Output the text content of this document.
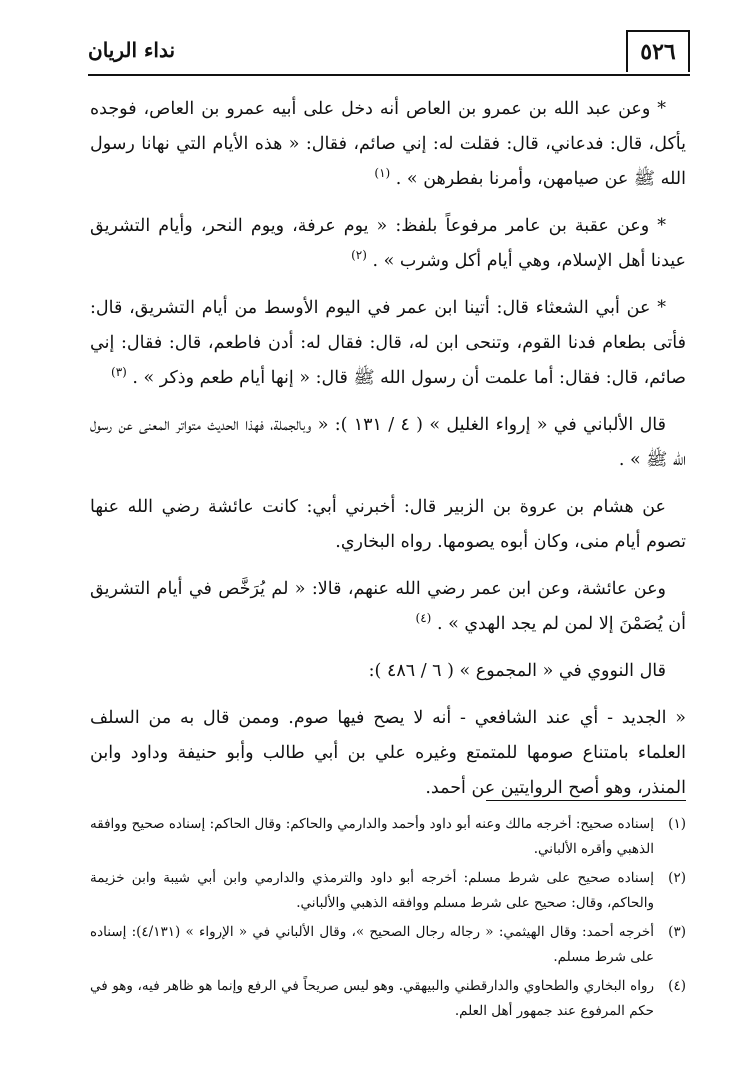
٥٢٦
نداء الريان

* وعن عبد الله بن عمرو بن العاص أنه دخل على أبيه عمرو بن العاص، فوجده يأكل، قال: فدعاني، قال: فقلت له: إني صائم، فقال: « هذه الأيام التي نهانا رسول الله ﷺ عن صيامهن، وأمرنا بفطرهن » . $^{(١)}$

* وعن عقبة بن عامر مرفوعاً بلفظ: « يوم عرفة، ويوم النحر، وأيام التشريق عيدنا أهل الإسلام، وهي أيام أكل وشرب » . $^{(٢)}$

* عن أبي الشعثاء قال: أتينا ابن عمر في اليوم الأوسط من أيام التشريق، قال: فأتى بطعام فدنا القوم، وتنحى ابن له، قال: فقال له: أدن فاطعم، قال: فقال: إني صائم، قال: فقال: أما علمت أن رسول الله ﷺ قال: « إنها أيام طعم وذكر » . $^{(٣)}$

قال الألباني في « إرواء الغليل » ( ٤ / ١٣١ ): « وبالجملة، فهذا الحديث متواتر المعنى عن رسول الله ﷺ » .

عن هشام بن عروة بن الزبير قال: أخبرني أبي: كانت عائشة رضي الله عنها تصوم أيام منى، وكان أبوه يصومها. رواه البخاري.

وعن عائشة، وعن ابن عمر رضي الله عنهم، قالا: « لم يُرَخَّص في أيام التشريق أن يُصَمْنَ إلا لمن لم يجد الهدي » . $^{(٤)}$

قال النووي في « المجموع » ( ٦ / ٤٨٦ ):

« الجديد - أي عند الشافعي - أنه لا يصح فيها صوم. وممن قال به من السلف العلماء بامتناع صومها للمتمتع وغيره علي بن أبي طالب وأبو حنيفة وداود وابن المنذر، وهو أصح الروايتين عن أحمد.

(١)
إسناده صحيح: أخرجه مالك وعنه أبو داود وأحمد والدارمي والحاكم: وقال الحاكم: إسناده صحيح ووافقه الذهبي وأقره الألباني.
(٢)
إسناده صحيح على شرط مسلم: أخرجه أبو داود والترمذي والدارمي وابن أبي شيبة وابن خزيمة والحاكم، وقال: صحيح على شرط مسلم ووافقه الذهبي والألباني.
(٣)
أخرجه أحمد: وقال الهيثمي: « رجاله رجال الصحيح »، وقال الألباني في « الإرواء » (٤/١٣١): إسناده على شرط مسلم.
(٤)
رواه البخاري والطحاوي والدارقطني والبيهقي. وهو ليس صريحاً في الرفع وإنما هو ظاهر فيه، وهو في حكم المرفوع عند جمهور أهل العلم.
